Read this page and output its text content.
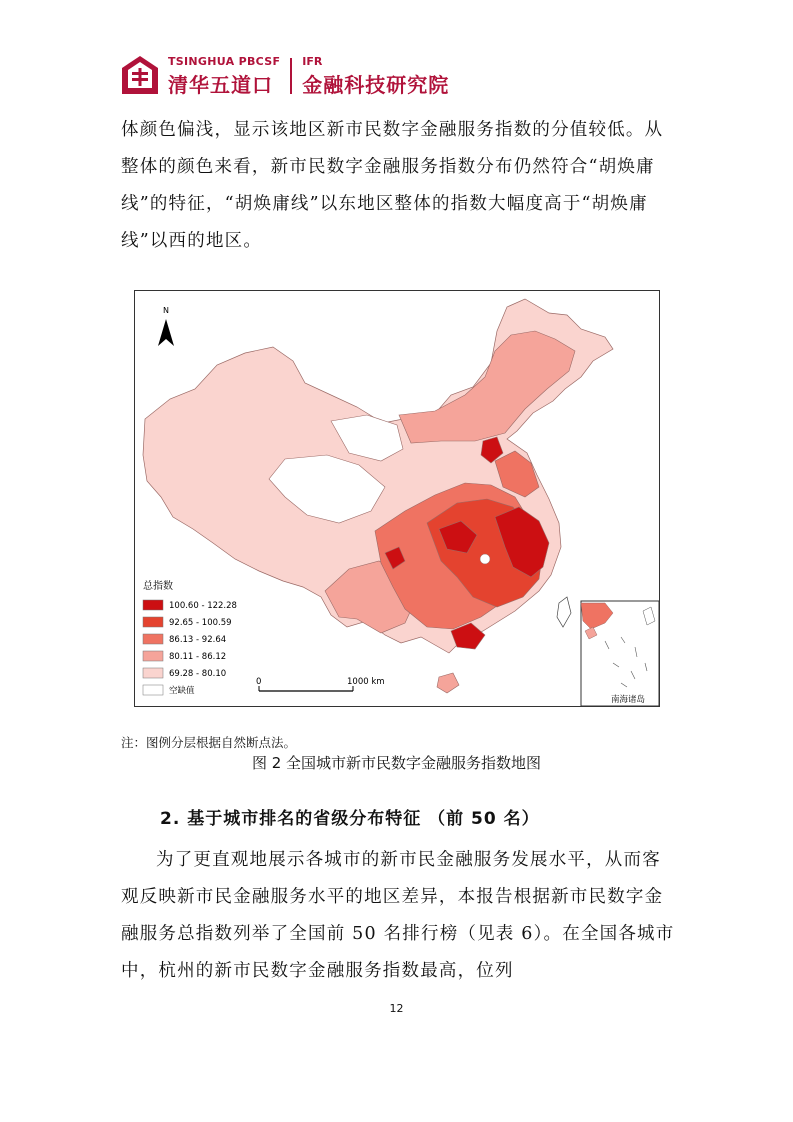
TSINGHUA PBCSF
清华五道口
IFR
金融科技研究院
体颜色偏浅，显示该地区新市民数字金融服务指数的分值较低。从整体的颜色来看，新市民数字金融服务指数分布仍然符合“胡焕庸线”的特征，“胡焕庸线”以东地区整体的指数大幅度高于“胡焕庸线”以西的地区。
N
总指数
100.60 - 122.28
92.65 - 100.59
86.13 - 92.64
80.11 - 86.12
69.28 - 80.10
空缺值
0	1000 km
南海诸岛
注：图例分层根据自然断点法。
图 2 全国城市新市民数字金融服务指数地图
2. 基于城市排名的省级分布特征 （前 50 名）
为了更直观地展示各城市的新市民金融服务发展水平，从而客观反映新市民金融服务水平的地区差异，本报告根据新市民数字金融服务总指数列举了全国前 50 名排行榜（见表 6）。在全国各城市中，杭州的新市民数字金融服务指数最高，位列
12
